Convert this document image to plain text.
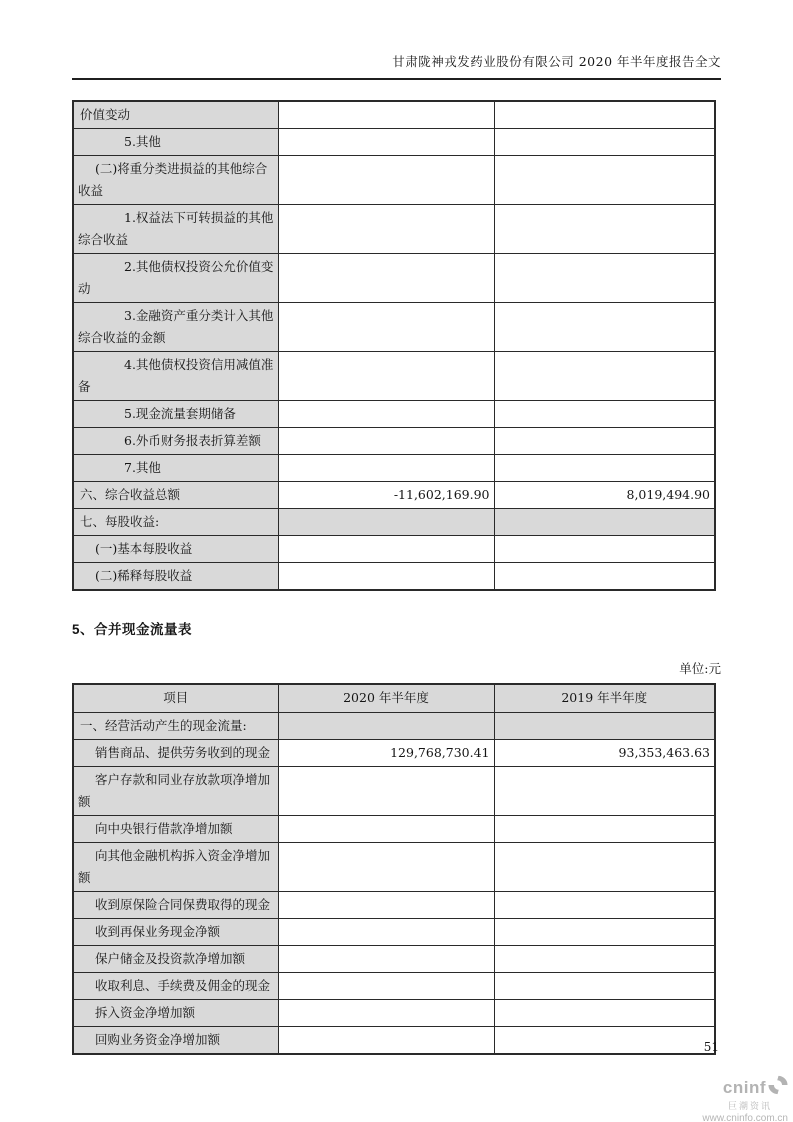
甘肃陇神戎发药业股份有限公司 2020 年半年度报告全文
价值变动		
5.其他		
(二)将重分类进损益的其他综合收益		
1.权益法下可转损益的其他综合收益		
2.其他债权投资公允价值变动		
3.金融资产重分类计入其他综合收益的金额		
4.其他债权投资信用减值准备		
5.现金流量套期储备		
6.外币财务报表折算差额		
7.其他		
六、综合收益总额	-11,602,169.90	8,019,494.90
七、每股收益:		
(一)基本每股收益		
(二)稀释每股收益		
5、合并现金流量表
单位:元
项目	2020 年半年度	2019 年半年度
一、经营活动产生的现金流量:		
销售商品、提供劳务收到的现金	129,768,730.41	93,353,463.63
客户存款和同业存放款项净增加额		
向中央银行借款净增加额		
向其他金融机构拆入资金净增加额		
收到原保险合同保费取得的现金		
收到再保业务现金净额		
保户储金及投资款净增加额		
收取利息、手续费及佣金的现金		
拆入资金净增加额		
回购业务资金净增加额		
51
cninf
巨潮资讯
www.cninfo.com.cn
